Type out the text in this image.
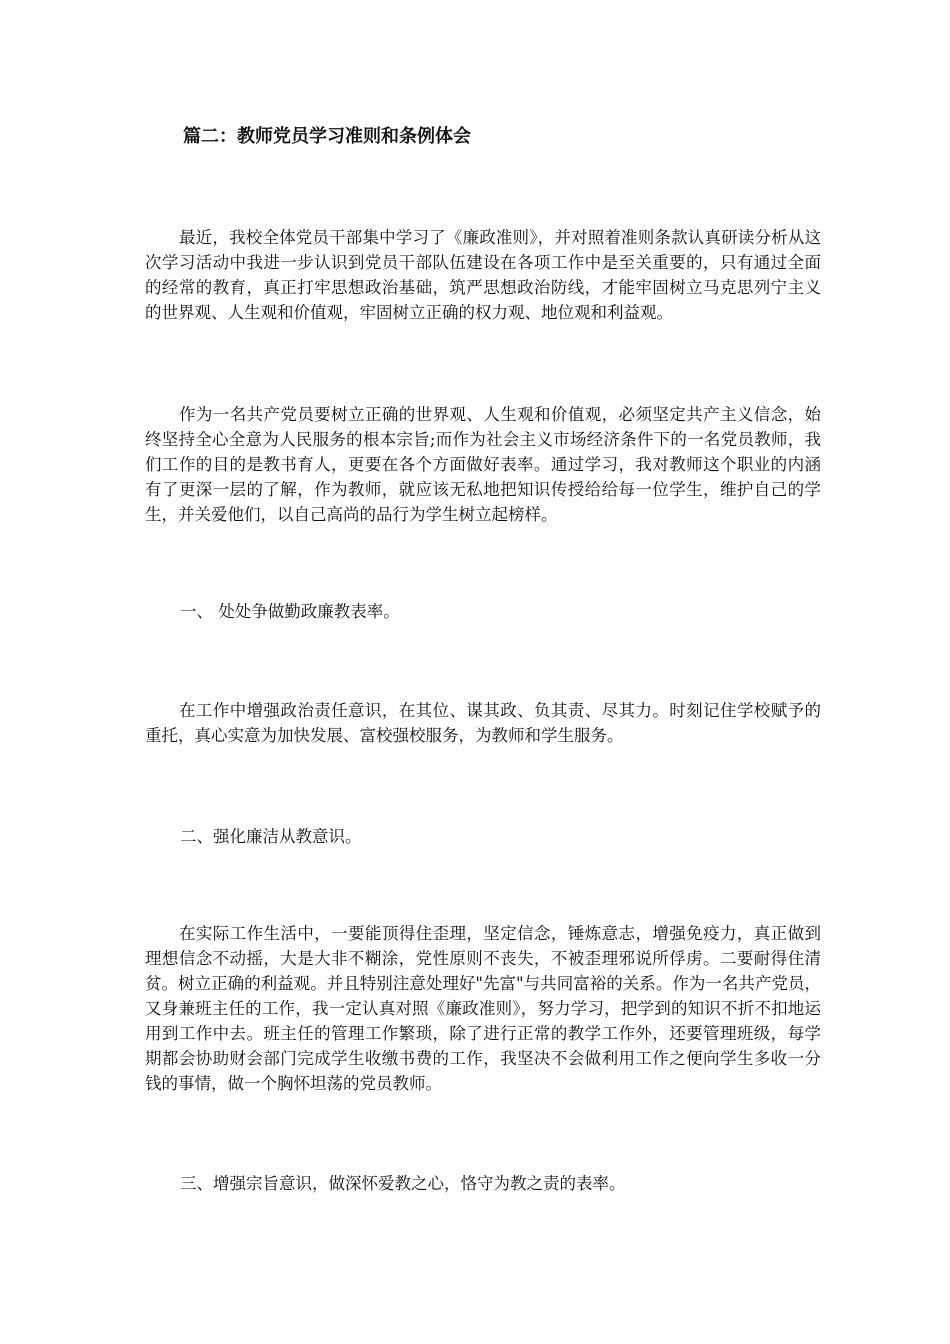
篇二：教师党员学习准则和条例体会

最近，我校全体党员干部集中学习了《廉政准则》，并对照着准则条款认真研读分析从这次学习活动中我进一步认识到党员干部队伍建设在各项工作中是至关重要的，只有通过全面的经常的教育，真正打牢思想政治基础，筑严思想政治防线，才能牢固树立马克思列宁主义的世界观、人生观和价值观，牢固树立正确的权力观、地位观和利益观。

作为一名共产党员要树立正确的世界观、人生观和价值观，必须坚定共产主义信念，始终坚持全心全意为人民服务的根本宗旨;而作为社会主义市场经济条件下的一名党员教师，我们工作的目的是教书育人，更要在各个方面做好表率。通过学习，我对教师这个职业的内涵有了更深一层的了解，作为教师，就应该无私地把知识传授给给每一位学生，维护自己的学生，并关爱他们，以自己高尚的品行为学生树立起榜样。

一、 处处争做勤政廉教表率。

在工作中增强政治责任意识，在其位、谋其政、负其责、尽其力。时刻记住学校赋予的重托，真心实意为加快发展、富校强校服务，为教师和学生服务。

二、强化廉洁从教意识。

在实际工作生活中，一要能顶得住歪理，坚定信念，锤炼意志，增强免疫力，真正做到理想信念不动摇，大是大非不糊涂，党性原则不丧失，不被歪理邪说所俘虏。二要耐得住清贫。树立正确的利益观。并且特别注意处理好"先富"与共同富裕的关系。作为一名共产党员，又身兼班主任的工作，我一定认真对照《廉政准则》，努力学习，把学到的知识不折不扣地运用到工作中去。班主任的管理工作繁琐，除了进行正常的教学工作外，还要管理班级，每学期都会协助财会部门完成学生收缴书费的工作，我坚决不会做利用工作之便向学生多收一分钱的事情，做一个胸怀坦荡的党员教师。

三、增强宗旨意识，做深怀爱教之心，恪守为教之责的表率。
